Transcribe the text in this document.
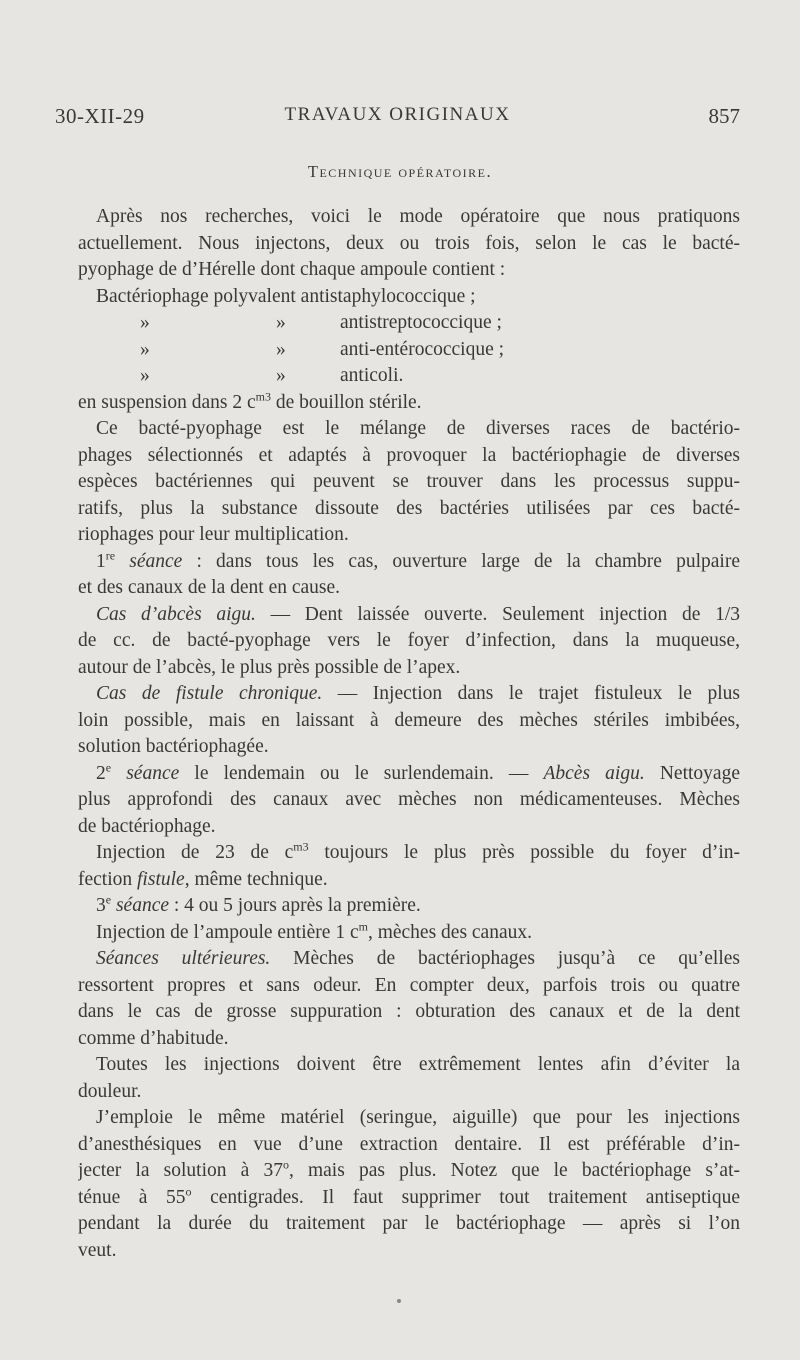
30-XII-29	TRAVAUX ORIGINAUX	857
Technique opératoire.
Après nos recherches, voici le mode opératoire que nous pratiquons
actuellement. Nous injectons, deux ou trois fois, selon le cas le bacté-
pyophage de d’Hérelle dont chaque ampoule contient :
Bactériophage polyvalent antistaphylococcique ;
»	»	antistreptococcique ;
»	»	anti-entérococcique ;
»	»	anticoli.
en suspension dans 2 $c^{m3}$ de bouillon stérile.
Ce bacté-pyophage est le mélange de diverses races de bactério-
phages sélectionnés et adaptés à provoquer la bactériophagie de diverses
espèces bactériennes qui peuvent se trouver dans les processus suppu-
ratifs, plus la substance dissoute des bactéries utilisées par ces bacté-
riophages pour leur multiplication.
1re séance : dans tous les cas, ouverture large de la chambre pulpaire
et des canaux de la dent en cause.
Cas d’abcès aigu. — Dent laissée ouverte. Seulement injection de 1/3
de cc. de bacté-pyophage vers le foyer d’infection, dans la muqueuse,
autour de l’abcès, le plus près possible de l’apex.
Cas de fistule chronique. — Injection dans le trajet fistuleux le plus
loin possible, mais en laissant à demeure des mèches stériles imbibées,
solution bactériophagée.
2e séance le lendemain ou le surlendemain. — Abcès aigu. Nettoyage
plus approfondi des canaux avec mèches non médicamenteuses. Mèches
de bactériophage.
Injection de 23 de $c^{m3}$ toujours le plus près possible du foyer d’in-
fection fistule, même technique.
3e séance : 4 ou 5 jours après la première.
Injection de l’ampoule entière 1 $c^m$, mèches des canaux.
Séances ultérieures. Mèches de bactériophages jusqu’à ce qu’elles
ressortent propres et sans odeur. En compter deux, parfois trois ou quatre
dans le cas de grosse suppuration : obturation des canaux et de la dent
comme d’habitude.
Toutes les injections doivent être extrêmement lentes afin d’éviter la
douleur.
J’emploie le même matériel (seringue, aiguille) que pour les injections
d’anesthésiques en vue d’une extraction dentaire. Il est préférable d’in-
jecter la solution à 37$^o$, mais pas plus. Notez que le bactériophage s’at-
ténue à 55$^o$ centigrades. Il faut supprimer tout traitement antiseptique
pendant la durée du traitement par le bactériophage — après si l’on
veut.
